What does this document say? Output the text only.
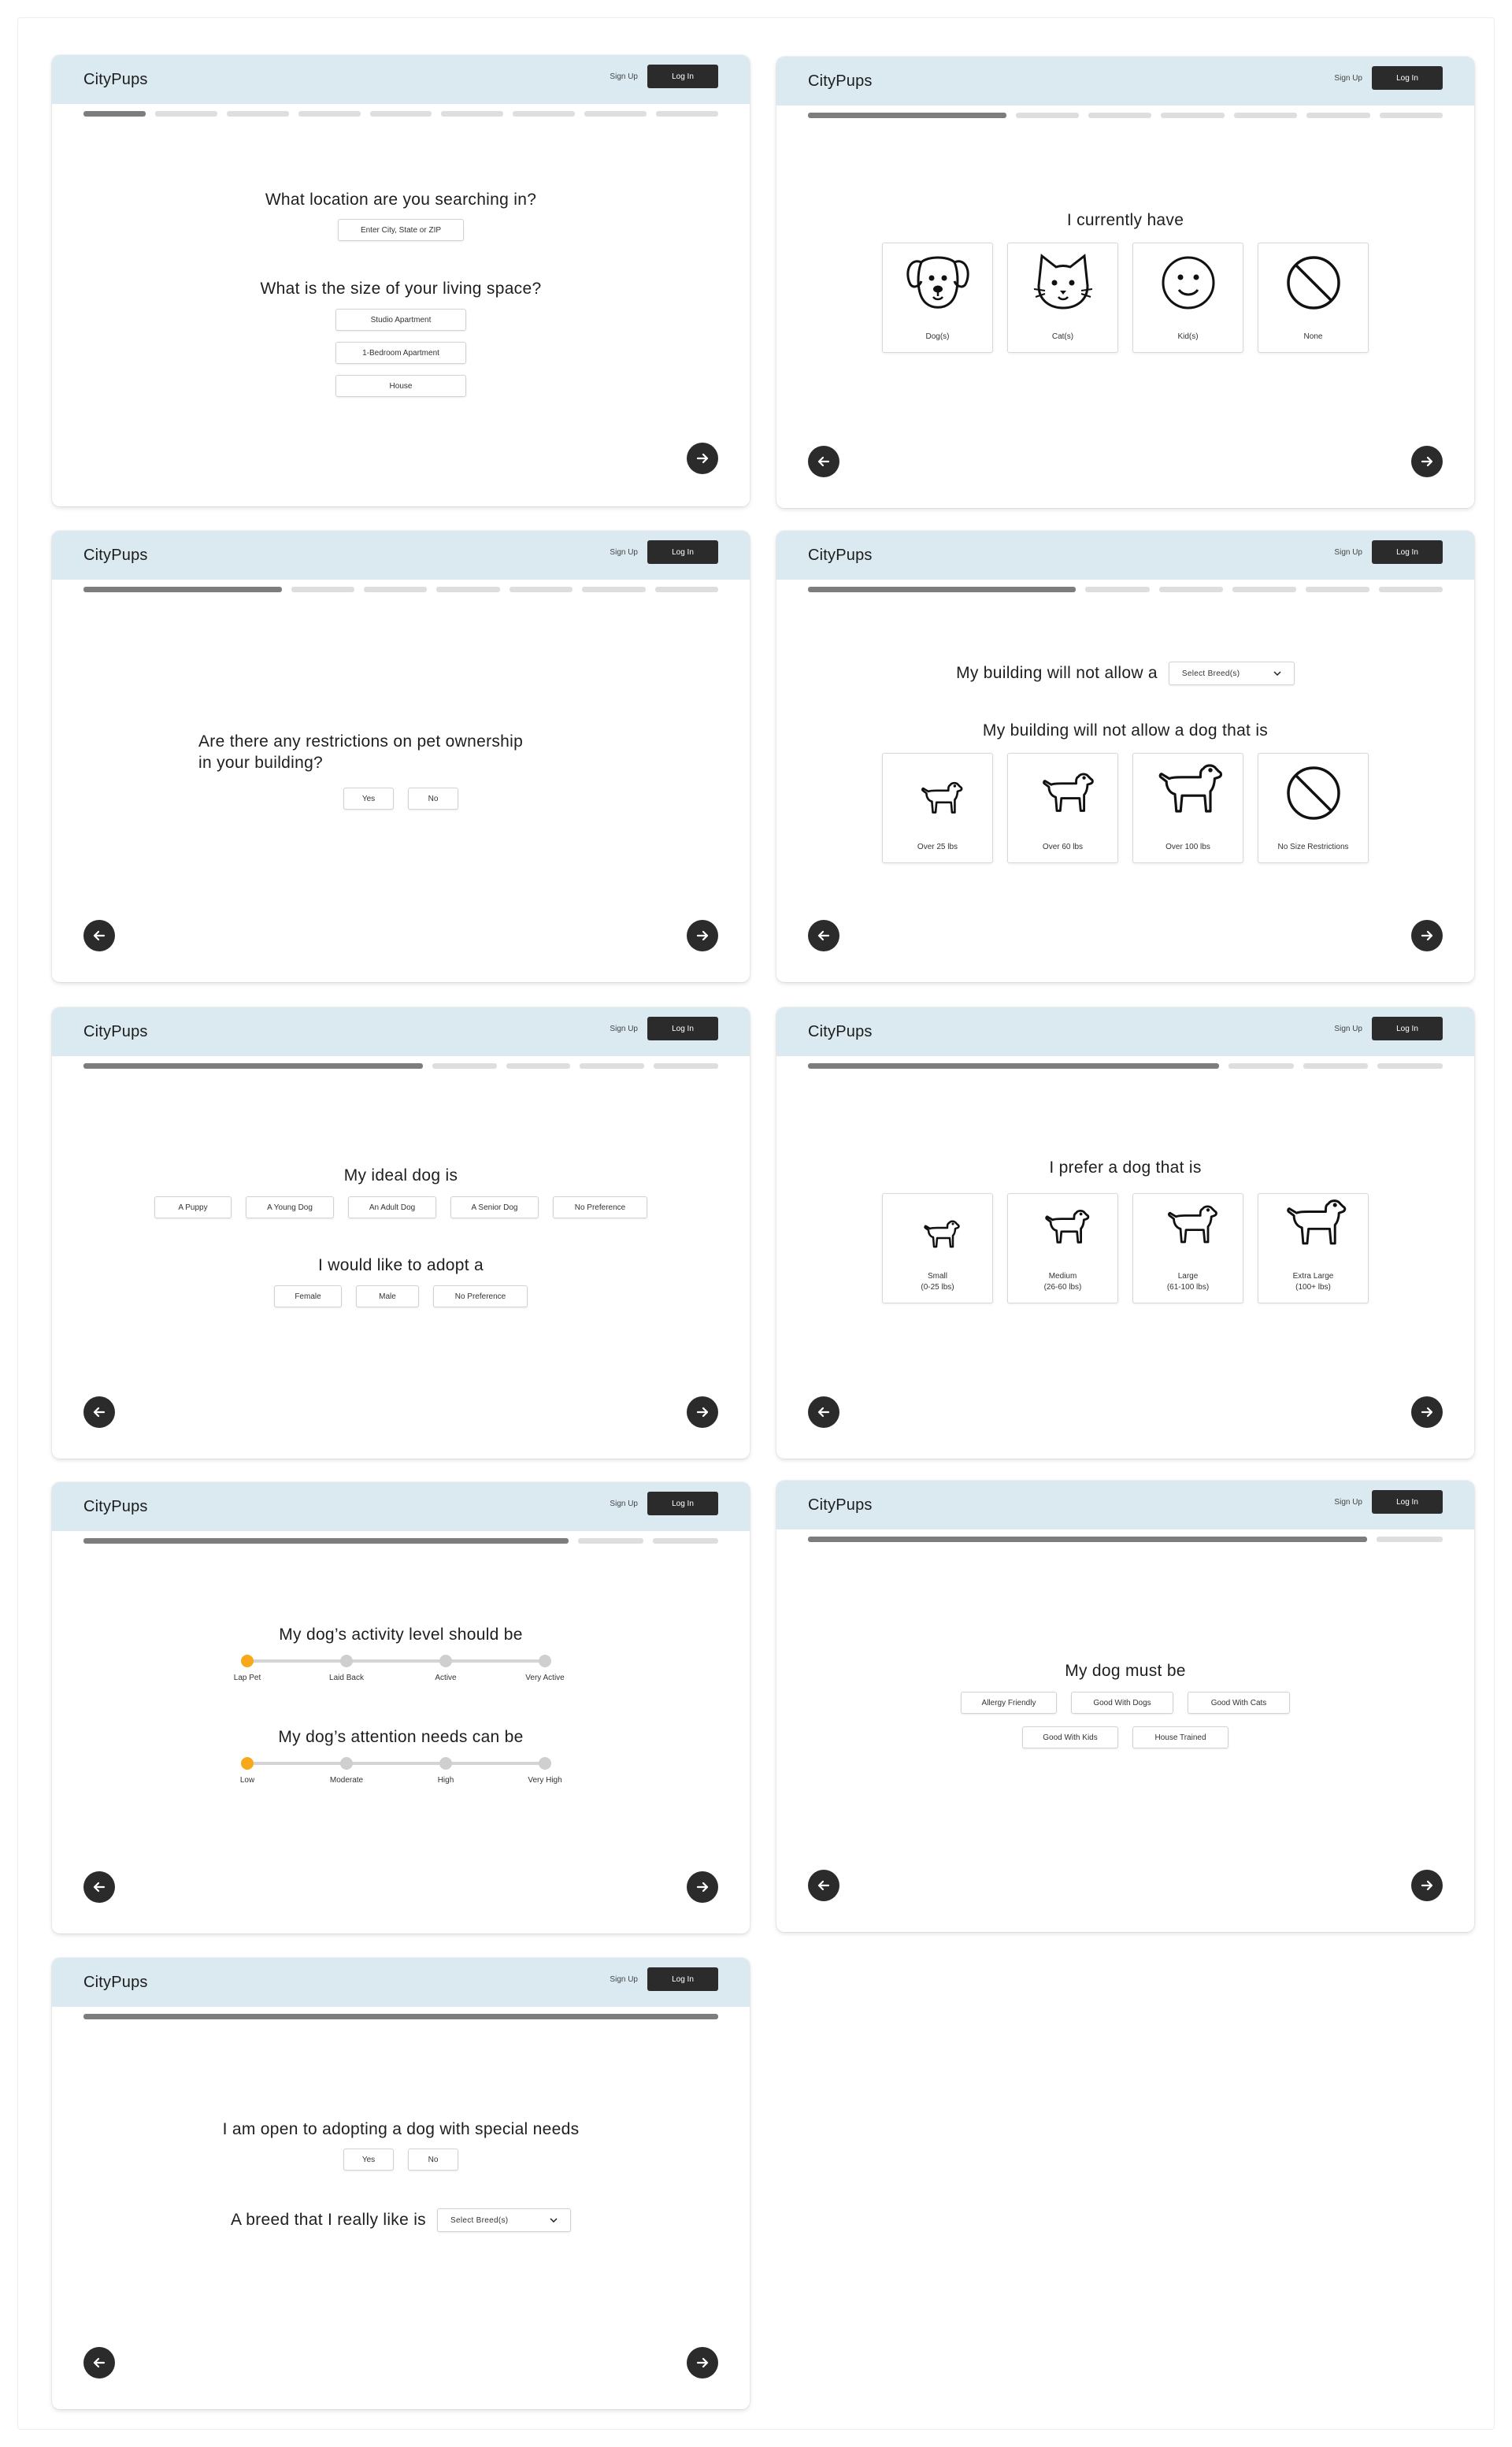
CityPups	Sign Up	Log In
What location are you searching in?
Enter City, State or ZIP
What is the size of your living space?
Studio Apartment
1-Bedroom Apartment
House
CityPups	Sign Up	Log In
I currently have
Dog(s)	Cat(s)	Kid(s)	None
CityPups	Sign Up	Log In
Are there any restrictions on pet ownership
in your building?
Yes	No
CityPups	Sign Up	Log In
My building will not allow a	Select Breed(s)
My building will not allow a dog that is
Over 25 lbs	Over 60 lbs	Over 100 lbs	No Size Restrictions
CityPups	Sign Up	Log In
My ideal dog is
A Puppy	A Young Dog	An Adult Dog	A Senior Dog	No Preference
I would like to adopt a
Female	Male	No Preference
CityPups	Sign Up	Log In
I prefer a dog that is
Small
(0-25 lbs)
Medium
(26-60 lbs)
Large
(61-100 lbs)
Extra Large
(100+ lbs)
CityPups	Sign Up	Log In
My dog’s activity level should be
Lap Pet	Laid Back	Active	Very Active
My dog’s attention needs can be
Low	Moderate	High	Very High
CityPups	Sign Up	Log In
My dog must be
Allergy Friendly	Good With Dogs	Good With Cats
Good With Kids	House Trained
CityPups	Sign Up	Log In
I am open to adopting a dog with special needs
Yes	No
A breed that I really like is	Select Breed(s)
